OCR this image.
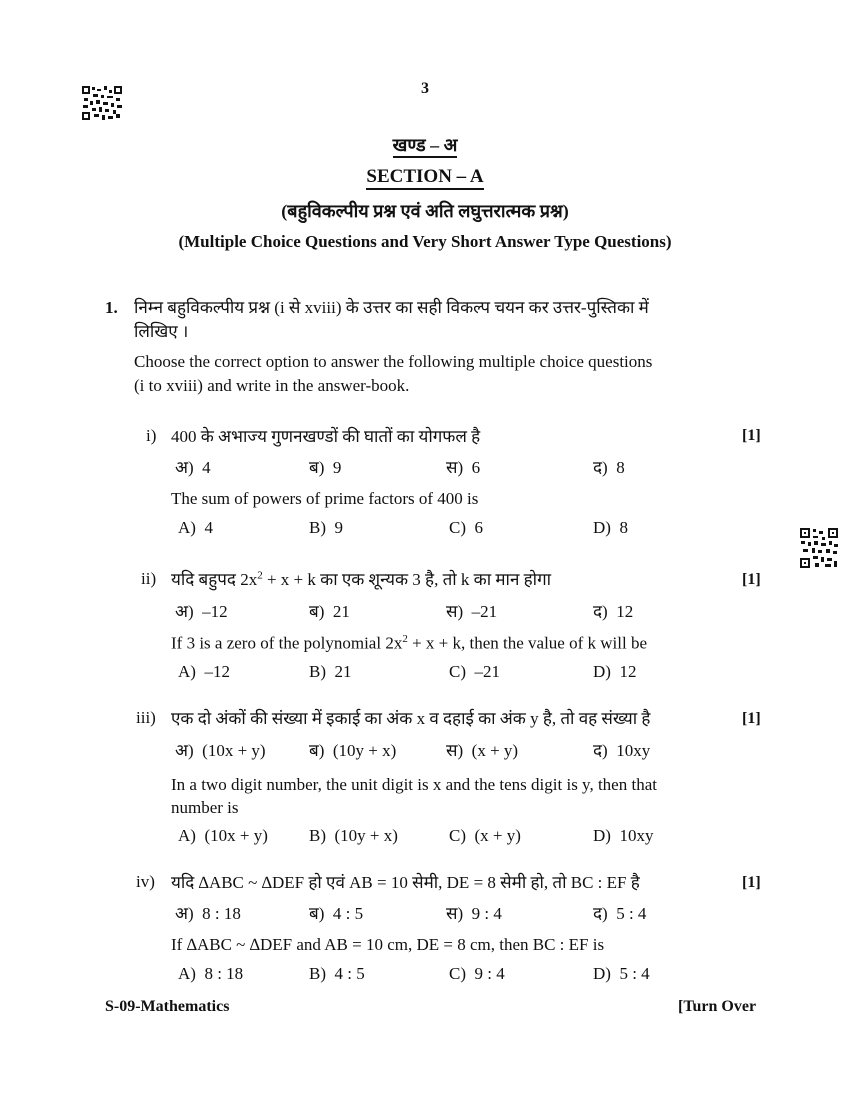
3
खण्ड – अ
SECTION – A
(बहुविकल्पीय प्रश्न एवं अति लघुत्तरात्मक प्रश्न)
(Multiple Choice Questions and Very Short Answer Type Questions)
1. निम्न बहुविकल्पीय प्रश्न (i से xviii) के उत्तर का सही विकल्प चयन कर उत्तर-पुस्तिका में
लिखिए ।
Choose the correct option to answer the following multiple choice questions
(i to xviii) and write in the answer-book.
i) 400 के अभाज्य गुणनखण्डों की घातों का योगफल है	[1]
अ) 4	ब) 9	स) 6	द) 8
The sum of powers of prime factors of 400 is
A) 4	B) 9	C) 6	D) 8
ii) यदि बहुपद $2x^2 + x + k$ का एक शून्यक 3 है, तो k का मान होगा	[1]
अ) –12	ब) 21	स) –21	द) 12
If 3 is a zero of the polynomial $2x^2 + x + k$, then the value of k will be
A) –12	B) 21	C) –21	D) 12
iii) एक दो अंकों की संख्या में इकाई का अंक x व दहाई का अंक y है, तो वह संख्या है	[1]
अ) (10x + y)	ब) (10y + x)	स) (x + y)	द) 10xy
In a two digit number, the unit digit is x and the tens digit is y, then that
number is
A) (10x + y) B) (10y + x)	C) (x + y)	D) 10xy
iv) यदि ∆ABC ~ ∆DEF हो एवं AB = 10 सेमी, DE = 8 सेमी हो, तो BC : EF है	[1]
अ) 8 : 18	ब) 4 : 5	स) 9 : 4	द) 5 : 4
If ∆ABC ~ ∆DEF and AB = 10 cm, DE = 8 cm, then BC : EF is
A) 8 : 18	B) 4 : 5	C) 9 : 4	D) 5 : 4
S-09-Mathematics	[Turn Over
